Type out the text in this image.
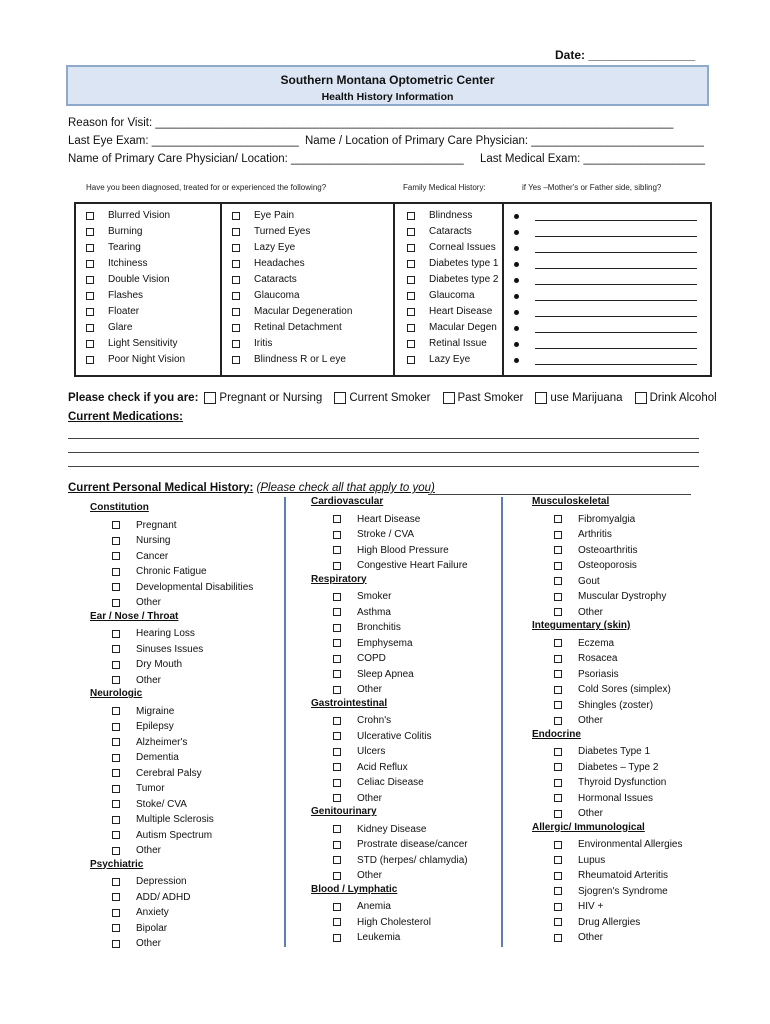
Date: ________________
Southern Montana Optometric Center
Health History Information
Reason for Visit: _________________________________________________________________________________
Last Eye Exam: _______________________ Name / Location of Primary Care Physician: ___________________________
Name of Primary Care Physician/ Location: ___________________________ Last Medical Exam: ___________________
Have you been diagnosed, treated for or experienced the following?	Family Medical History:	if Yes –Mother's or Father side, sibling?
Blurred Vision
Burning
Tearing
Itchiness
Double Vision
Flashes
Floater
Glare
Light Sensitivity
Poor Night Vision
Eye Pain
Turned Eyes
Lazy Eye
Headaches
Cataracts
Glaucoma
Macular Degeneration
Retinal Detachment
Iritis
Blindness R or L eye
Blindness
Cataracts
Corneal Issues
Diabetes type 1
Diabetes type 2
Glaucoma
Heart Disease
Macular Degen
Retinal Issue
Lazy Eye
Please check if you are: Pregnant or Nursing Current Smoker Past Smoker use Marijuana Drink Alcohol
Current Medications:
Current Personal Medical History: (Please check all that apply to you)
Constitution
Pregnant
Nursing
Cancer
Chronic Fatigue
Developmental Disabilities
Other
Ear / Nose / Throat
Hearing Loss
Sinuses Issues
Dry Mouth
Other
Neurologic
Migraine
Epilepsy
Alzheimer's
Dementia
Cerebral Palsy
Tumor
Stoke/ CVA
Multiple Sclerosis
Autism Spectrum
Other
Psychiatric
Depression
ADD/ ADHD
Anxiety
Bipolar
Other
Cardiovascular
Heart Disease
Stroke / CVA
High Blood Pressure
Congestive Heart Failure
Respiratory
Smoker
Asthma
Bronchitis
Emphysema
COPD
Sleep Apnea
Other
Gastrointestinal
Crohn's
Ulcerative Colitis
Ulcers
Acid Reflux
Celiac Disease
Other
Genitourinary
Kidney Disease
Prostrate disease/cancer
STD (herpes/ chlamydia)
Other
Blood / Lymphatic
Anemia
High Cholesterol
Leukemia
Musculoskeletal
Fibromyalgia
Arthritis
Osteoarthritis
Osteoporosis
Gout
Muscular Dystrophy
Other
Integumentary (skin)
Eczema
Rosacea
Psoriasis
Cold Sores (simplex)
Shingles (zoster)
Other
Endocrine
Diabetes Type 1
Diabetes – Type 2
Thyroid Dysfunction
Hormonal Issues
Other
Allergic/ Immunological
Environmental Allergies
Lupus
Rheumatoid Arteritis
Sjogren's Syndrome
HIV +
Drug Allergies
Other
